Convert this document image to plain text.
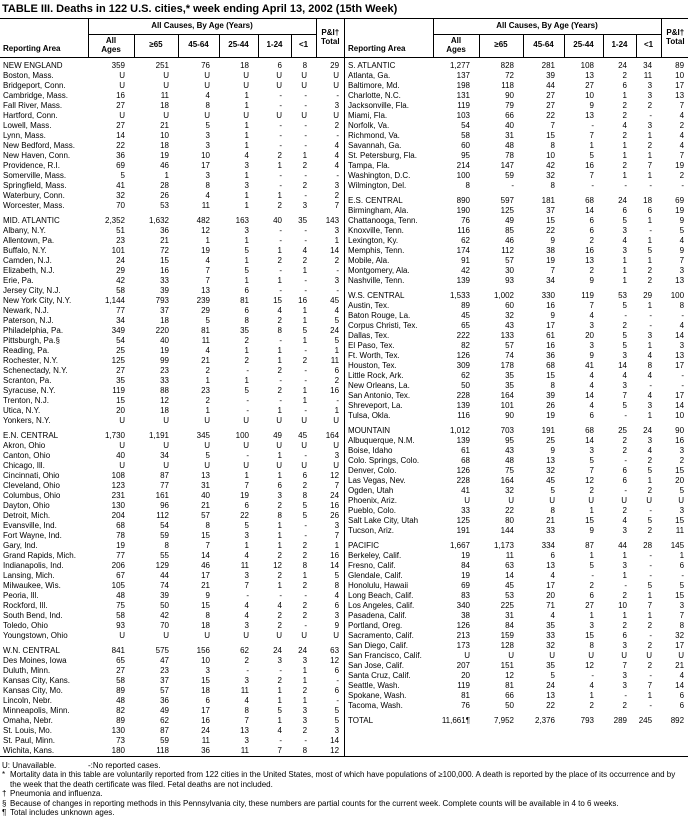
TABLE III. Deaths in 122 U.S. cities,* week ending April 13, 2002 (15th Week)
Reporting Area	All Causes, By Age (Years)						P&I†
Total
	All
Ages	≥65	45-64	25-44	1-24	<1	
NEW ENGLAND	359	251	76	18	6	8	29
Boston, Mass.	U	U	U	U	U	U	U
Bridgeport, Conn.	U	U	U	U	U	U	U
Cambridge, Mass.	16	11	4	1	-	-	-
Fall River, Mass.	27	18	8	1	-	-	3
Hartford, Conn.	U	U	U	U	U	U	U
Lowell, Mass.	27	21	5	1	-	-	2
Lynn, Mass.	14	10	3	1	-	-	-
New Bedford, Mass.	22	18	3	1	-	-	4
New Haven, Conn.	36	19	10	4	2	1	4
Providence, R.I.	69	46	17	3	1	2	4
Somerville, Mass.	5	1	3	1	-	-	-
Springfield, Mass.	41	28	8	3	-	2	3
Waterbury, Conn.	32	26	4	1	1	-	2
Worcester, Mass.	70	53	11	1	2	3	7

MID. ATLANTIC	2,352	1,632	482	163	40	35	143
Albany, N.Y.	51	36	12	3	-	-	3
Allentown, Pa.	23	21	1	1	-	-	1
Buffalo, N.Y.	101	72	19	5	1	4	14
Camden, N.J.	24	15	4	1	2	2	2
Elizabeth, N.J.	29	16	7	5	-	1	-
Erie, Pa.	42	33	7	1	1	-	3
Jersey City, N.J.	58	39	13	6	-	-	-
New York City, N.Y.	1,144	793	239	81	15	16	45
Newark, N.J.	77	37	29	6	4	1	4
Paterson, N.J.	34	18	5	8	2	1	5
Philadelphia, Pa.	349	220	81	35	8	5	24
Pittsburgh, Pa.§	54	40	11	2	-	1	5
Reading, Pa.	25	19	4	1	1	-	1
Rochester, N.Y.	125	99	21	2	1	2	11
Schenectady, N.Y.	27	23	2	-	2	-	6
Scranton, Pa.	35	33	1	1	-	-	2
Syracuse, N.Y.	119	88	23	5	2	1	16
Trenton, N.J.	15	12	2	-	-	1	-
Utica, N.Y.	20	18	1	-	1	-	1
Yonkers, N.Y.	U	U	U	U	U	U	U

E.N. CENTRAL	1,730	1,191	345	100	49	45	164
Akron, Ohio	U	U	U	U	U	U	U
Canton, Ohio	40	34	5	-	1	-	3
Chicago, Ill.	U	U	U	U	U	U	U
Cincinnati, Ohio	108	87	13	1	1	6	12
Cleveland, Ohio	123	77	31	7	6	2	7
Columbus, Ohio	231	161	40	19	3	8	24
Dayton, Ohio	130	96	21	6	2	5	16
Detroit, Mich.	204	112	57	22	8	5	26
Evansville, Ind.	68	54	8	5	1	-	3
Fort Wayne, Ind.	78	59	15	3	1	-	7
Gary, Ind.	19	8	7	1	1	2	1
Grand Rapids, Mich.	77	55	14	4	2	2	16
Indianapolis, Ind.	206	129	46	11	12	8	14
Lansing, Mich.	67	44	17	3	2	1	5
Milwaukee, Wis.	105	74	21	7	1	2	8
Peoria, Ill.	48	39	9	-	-	-	4
Rockford, Ill.	75	50	15	4	4	2	6
South Bend, Ind.	58	42	8	4	2	2	3
Toledo, Ohio	93	70	18	3	2	-	9
Youngstown, Ohio	U	U	U	U	U	U	U

W.N. CENTRAL	841	575	156	62	24	24	63
Des Moines, Iowa	65	47	10	2	3	3	12
Duluth, Minn.	27	23	3	-	-	1	6
Kansas City, Kans.	58	37	15	3	2	1	-
Kansas City, Mo.	89	57	18	11	1	2	6
Lincoln, Nebr.	48	36	6	4	1	1	-
Minneapolis, Minn.	82	49	17	8	5	3	5
Omaha, Nebr.	89	62	16	7	1	3	5
St. Louis, Mo.	130	87	24	13	4	2	3
St. Paul, Minn.	73	59	11	3	-	-	14
Wichita, Kans.	180	118	36	11	7	8	12
Reporting Area	All Causes, By Age (Years)						P&I†
Total
	All
Ages	≥65	45-64	25-44	1-24	<1	
S. ATLANTIC	1,277	828	281	108	24	34	89
Atlanta, Ga.	137	72	39	13	2	11	10
Baltimore, Md.	198	118	44	27	6	3	17
Charlotte, N.C.	131	90	27	10	1	3	13
Jacksonville, Fla.	119	79	27	9	2	2	7
Miami, Fla.	103	66	22	13	2	-	4
Norfolk, Va.	54	40	7	-	4	3	2
Richmond, Va.	58	31	15	7	2	1	4
Savannah, Ga.	60	48	8	1	1	2	4
St. Petersburg, Fla.	95	78	10	5	1	1	7
Tampa, Fla.	214	147	42	16	2	7	19
Washington, D.C.	100	59	32	7	1	1	2
Wilmington, Del.	8	-	8	-	-	-	-

E.S. CENTRAL	890	597	181	68	24	18	69
Birmingham, Ala.	190	125	37	14	6	6	19
Chattanooga, Tenn.	76	49	15	6	5	1	9
Knoxville, Tenn.	116	85	22	6	3	-	5
Lexington, Ky.	62	46	9	2	4	1	4
Memphis, Tenn.	174	112	38	16	3	5	9
Mobile, Ala.	91	57	19	13	1	1	7
Montgomery, Ala.	42	30	7	2	1	2	3
Nashville, Tenn.	139	93	34	9	1	2	13

W.S. CENTRAL	1,533	1,002	330	119	53	29	100
Austin, Tex.	89	60	16	7	5	1	8
Baton Rouge, La.	45	32	9	4	-	-	-
Corpus Christi, Tex.	65	43	17	3	2	-	4
Dallas, Tex.	222	133	61	20	5	3	14
El Paso, Tex.	82	57	16	3	5	1	3
Ft. Worth, Tex.	126	74	36	9	3	4	13
Houston, Tex.	309	178	68	41	14	8	17
Little Rock, Ark.	62	35	15	4	4	4	-
New Orleans, La.	50	35	8	4	3	-	-
San Antonio, Tex.	228	164	39	14	7	4	17
Shreveport, La.	139	101	26	4	5	3	14
Tulsa, Okla.	116	90	19	6	-	1	10

MOUNTAIN	1,012	703	191	68	25	24	90
Albuquerque, N.M.	139	95	25	14	2	3	16
Boise, Idaho	61	43	9	3	2	4	3
Colo. Springs, Colo.	68	48	13	5	-	2	2
Denver, Colo.	126	75	32	7	6	5	15
Las Vegas, Nev.	228	164	45	12	6	1	20
Ogden, Utah	41	32	5	2	-	2	5
Phoenix, Ariz.	U	U	U	U	U	U	U
Pueblo, Colo.	33	22	8	1	2	-	3
Salt Lake City, Utah	125	80	21	15	4	5	15
Tucson, Ariz.	191	144	33	9	3	2	11

PACIFIC	1,667	1,173	334	87	44	28	145
Berkeley, Calif.	19	11	6	1	1	-	1
Fresno, Calif.	84	63	13	5	3	-	6
Glendale, Calif.	19	14	4	-	1	-	-
Honolulu, Hawaii	69	45	17	2	-	5	5
Long Beach, Calif.	83	53	20	6	2	1	15
Los Angeles, Calif.	340	225	71	27	10	7	3
Pasadena, Calif.	38	31	4	1	1	1	7
Portland, Oreg.	126	84	35	3	2	2	8
Sacramento, Calif.	213	159	33	15	6	-	32
San Diego, Calif.	173	128	32	8	3	2	17
San Francisco, Calif.	U	U	U	U	U	U	U
San Jose, Calif.	207	151	35	12	7	2	21
Santa Cruz, Calif.	20	12	5	-	3	-	4
Seattle, Wash.	119	81	24	4	3	7	14
Spokane, Wash.	81	66	13	1	-	1	6
Tacoma, Wash.	76	50	22	2	2	-	6

TOTAL	11,661¶	7,952	2,376	793	289	245	892
U: Unavailable.	-:No reported cases.
* Mortality data in this table are voluntarily reported from 122 cities in the United States, most of which have populations of ≥100,000. A death is reported by the place of its occurrence and by the week that the death certificate was filed. Fetal deaths are not included.
† Pneumonia and influenza.
§ Because of changes in reporting methods in this Pennsylvania city, these numbers are partial counts for the current week. Complete counts will be available in 4 to 6 weeks.
¶ Total includes unknown ages.
